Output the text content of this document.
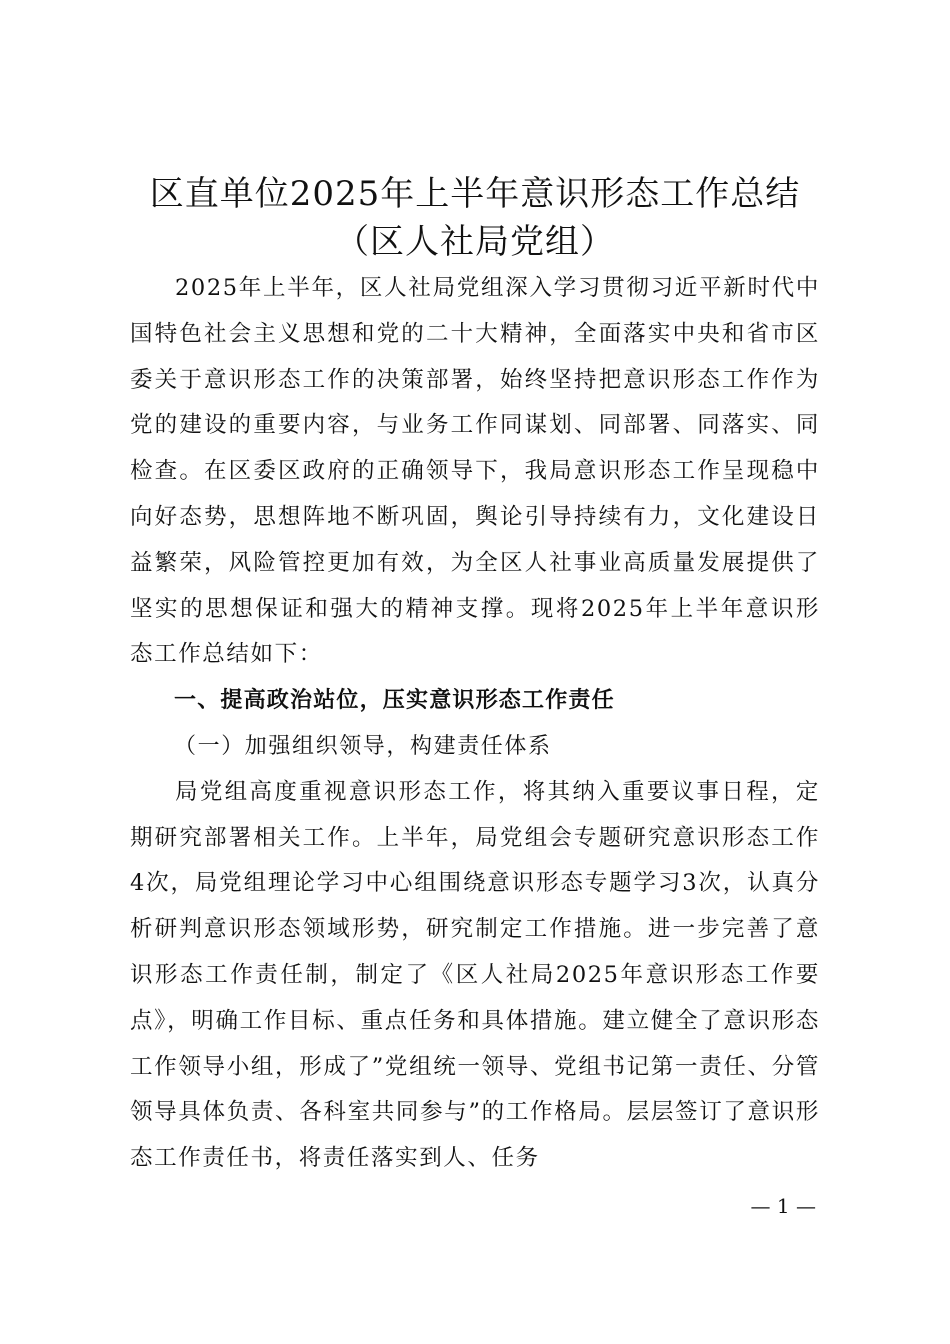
区直单位2025年上半年意识形态工作总结
（区人社局党组）

2025年上半年，区人社局党组深入学习贯彻习近平新时代中国特色社会主义思想和党的二十大精神，全面落实中央和省市区委关于意识形态工作的决策部署，始终坚持把意识形态工作作为党的建设的重要内容，与业务工作同谋划、同部署、同落实、同检查。在区委区政府的正确领导下，我局意识形态工作呈现稳中向好态势，思想阵地不断巩固，舆论引导持续有力，文化建设日益繁荣，风险管控更加有效，为全区人社事业高质量发展提供了坚实的思想保证和强大的精神支撑。现将2025年上半年意识形态工作总结如下：

一、提高政治站位，压实意识形态工作责任

（一）加强组织领导，构建责任体系

局党组高度重视意识形态工作，将其纳入重要议事日程，定期研究部署相关工作。上半年，局党组会专题研究意识形态工作4次，局党组理论学习中心组围绕意识形态专题学习3次，认真分析研判意识形态领域形势，研究制定工作措施。进一步完善了意识形态工作责任制，制定了《区人社局2025年意识形态工作要点》，明确工作目标、重点任务和具体措施。建立健全了意识形态工作领导小组，形成了”党组统一领导、党组书记第一责任、分管领导具体负责、各科室共同参与”的工作格局。层层签订了意识形态工作责任书，将责任落实到人、任务

— 1 —
